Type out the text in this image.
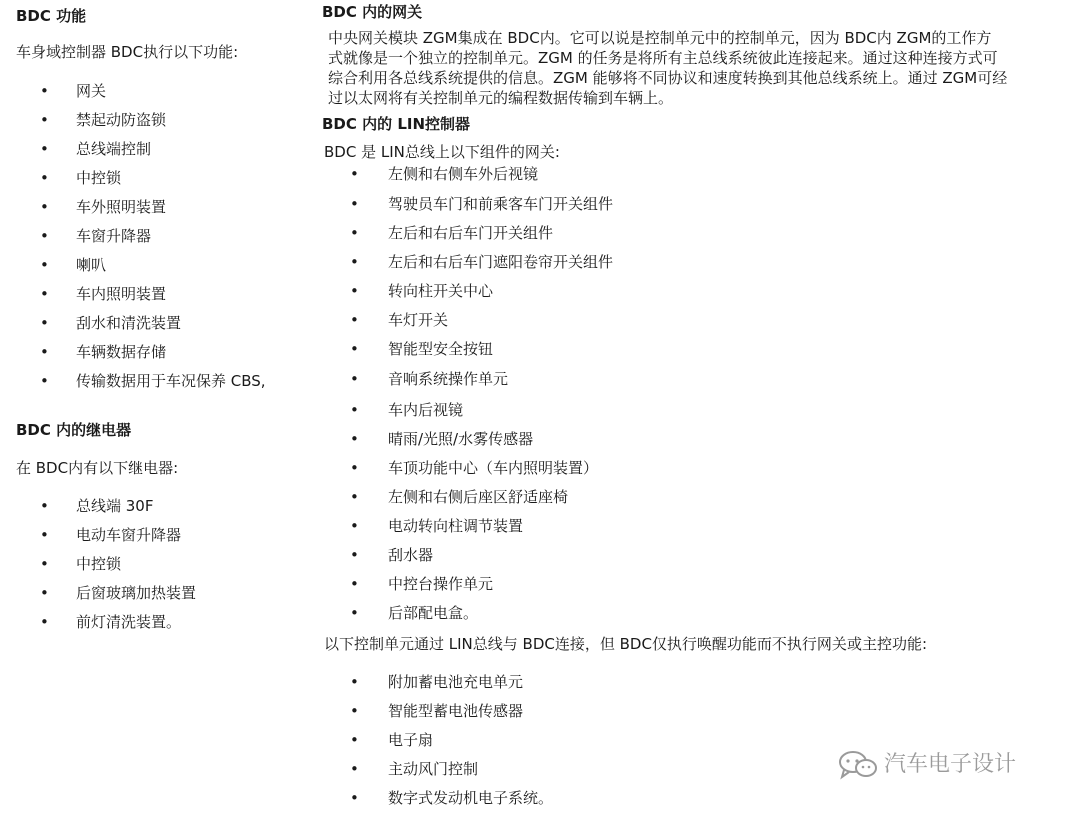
BDC 功能

车身域控制器 BDC执行以下功能:

• 网关
• 禁起动防盗锁
• 总线端控制
• 中控锁
• 车外照明装置
• 车窗升降器
• 喇叭
• 车内照明装置
• 刮水和清洗装置
• 车辆数据存储
• 传输数据用于车况保养 CBS,

BDC 内的继电器

在 BDC内有以下继电器:

• 总线端 30F
• 电动车窗升降器
• 中控锁
• 后窗玻璃加热装置
• 前灯清洗装置。

BDC 内的网关

中央网关模块 ZGM集成在 BDC内。它可以说是控制单元中的控制单元，因为 BDC内 ZGM的工作方
式就像是一个独立的控制单元。ZGM 的任务是将所有主总线系统彼此连接起来。通过这种连接方式可
综合利用各总线系统提供的信息。ZGM 能够将不同协议和速度转换到其他总线系统上。通过 ZGM可经
过以太网将有关控制单元的编程数据传输到车辆上。

BDC 内的 LIN控制器

BDC 是 LIN总线上以下组件的网关:

• 左侧和右侧车外后视镜
• 驾驶员车门和前乘客车门开关组件
• 左后和右后车门开关组件
• 左后和右后车门遮阳卷帘开关组件
• 转向柱开关中心
• 车灯开关
• 智能型安全按钮
• 音响系统操作单元
• 车内后视镜
• 晴雨/光照/水雾传感器
• 车顶功能中心（车内照明装置）
• 左侧和右侧后座区舒适座椅
• 电动转向柱调节装置
• 刮水器
• 中控台操作单元
• 后部配电盒。

以下控制单元通过 LIN总线与 BDC连接，但 BDC仅执行唤醒功能而不执行网关或主控功能:

• 附加蓄电池充电单元
• 智能型蓄电池传感器
• 电子扇
• 主动风门控制
• 数字式发动机电子系统。
汽车电子设计
